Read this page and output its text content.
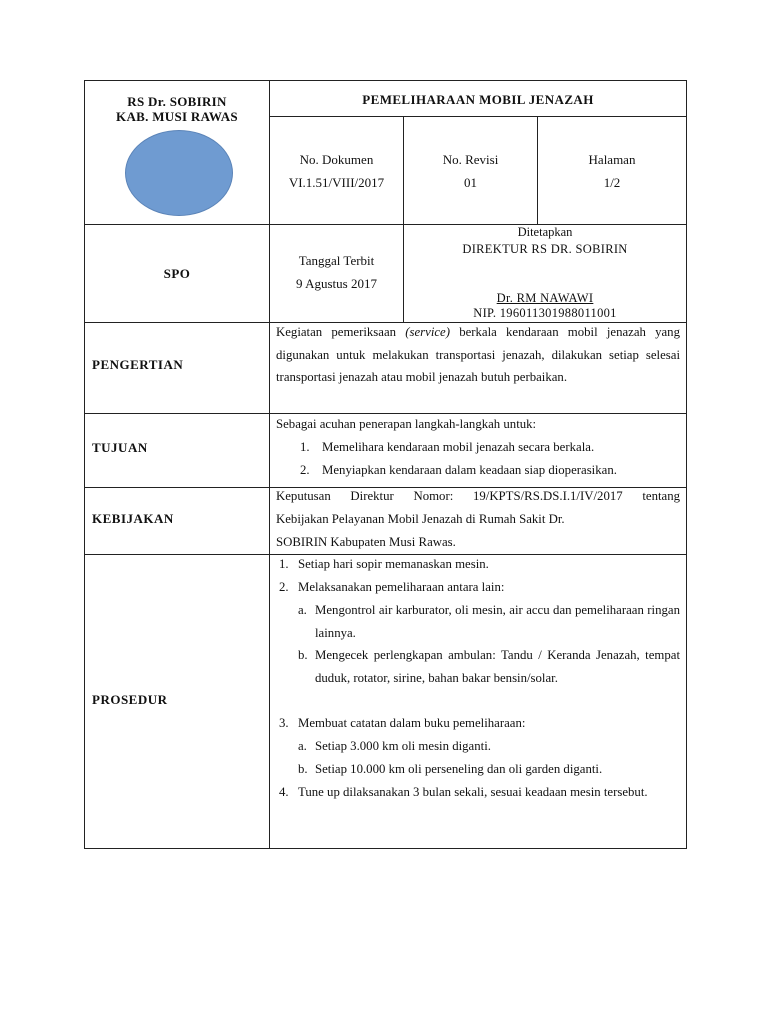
RS Dr. SOBIRIN
KAB. MUSI RAWAS
PEMELIHARAAN MOBIL JENAZAH
No. Dokumen
VI.1.51/VIII/2017
No. Revisi
01
Halaman
1/2
SPO
Tanggal Terbit
9 Agustus 2017
Ditetapkan
DIREKTUR RS DR. SOBIRIN
Dr. RM NAWAWI
NIP. 196011301988011001
PENGERTIAN
Kegiatan pemeriksaan (service) berkala kendaraan mobil jenazah yang digunakan untuk melakukan transportasi jenazah, dilakukan setiap selesai transportasi jenazah atau mobil jenazah butuh perbaikan.
TUJUAN
Sebagai acuhan penerapan langkah-langkah untuk:
1. Memelihara kendaraan mobil jenazah secara berkala.
2. Menyiapkan kendaraan dalam keadaan siap dioperasikan.
KEBIJAKAN
Keputusan Direktur Nomor: 19/KPTS/RS.DS.I.1/IV/2017 tentang
Kebijakan Pelayanan Mobil Jenazah di Rumah Sakit Dr.
SOBIRIN Kabupaten Musi Rawas.
PROSEDUR
1. Setiap hari sopir memanaskan mesin.
2. Melaksanakan pemeliharaan antara lain:
a. Mengontrol air karburator, oli mesin, air accu dan pemeliharaan ringan lainnya.
b. Mengecek perlengkapan ambulan: Tandu / Keranda Jenazah, tempat duduk, rotator, sirine, bahan bakar bensin/solar.
3. Membuat catatan dalam buku pemeliharaan:
a. Setiap 3.000 km oli mesin diganti.
b. Setiap 10.000 km oli perseneling dan oli garden diganti.
4. Tune up dilaksanakan 3 bulan sekali, sesuai keadaan mesin tersebut.
